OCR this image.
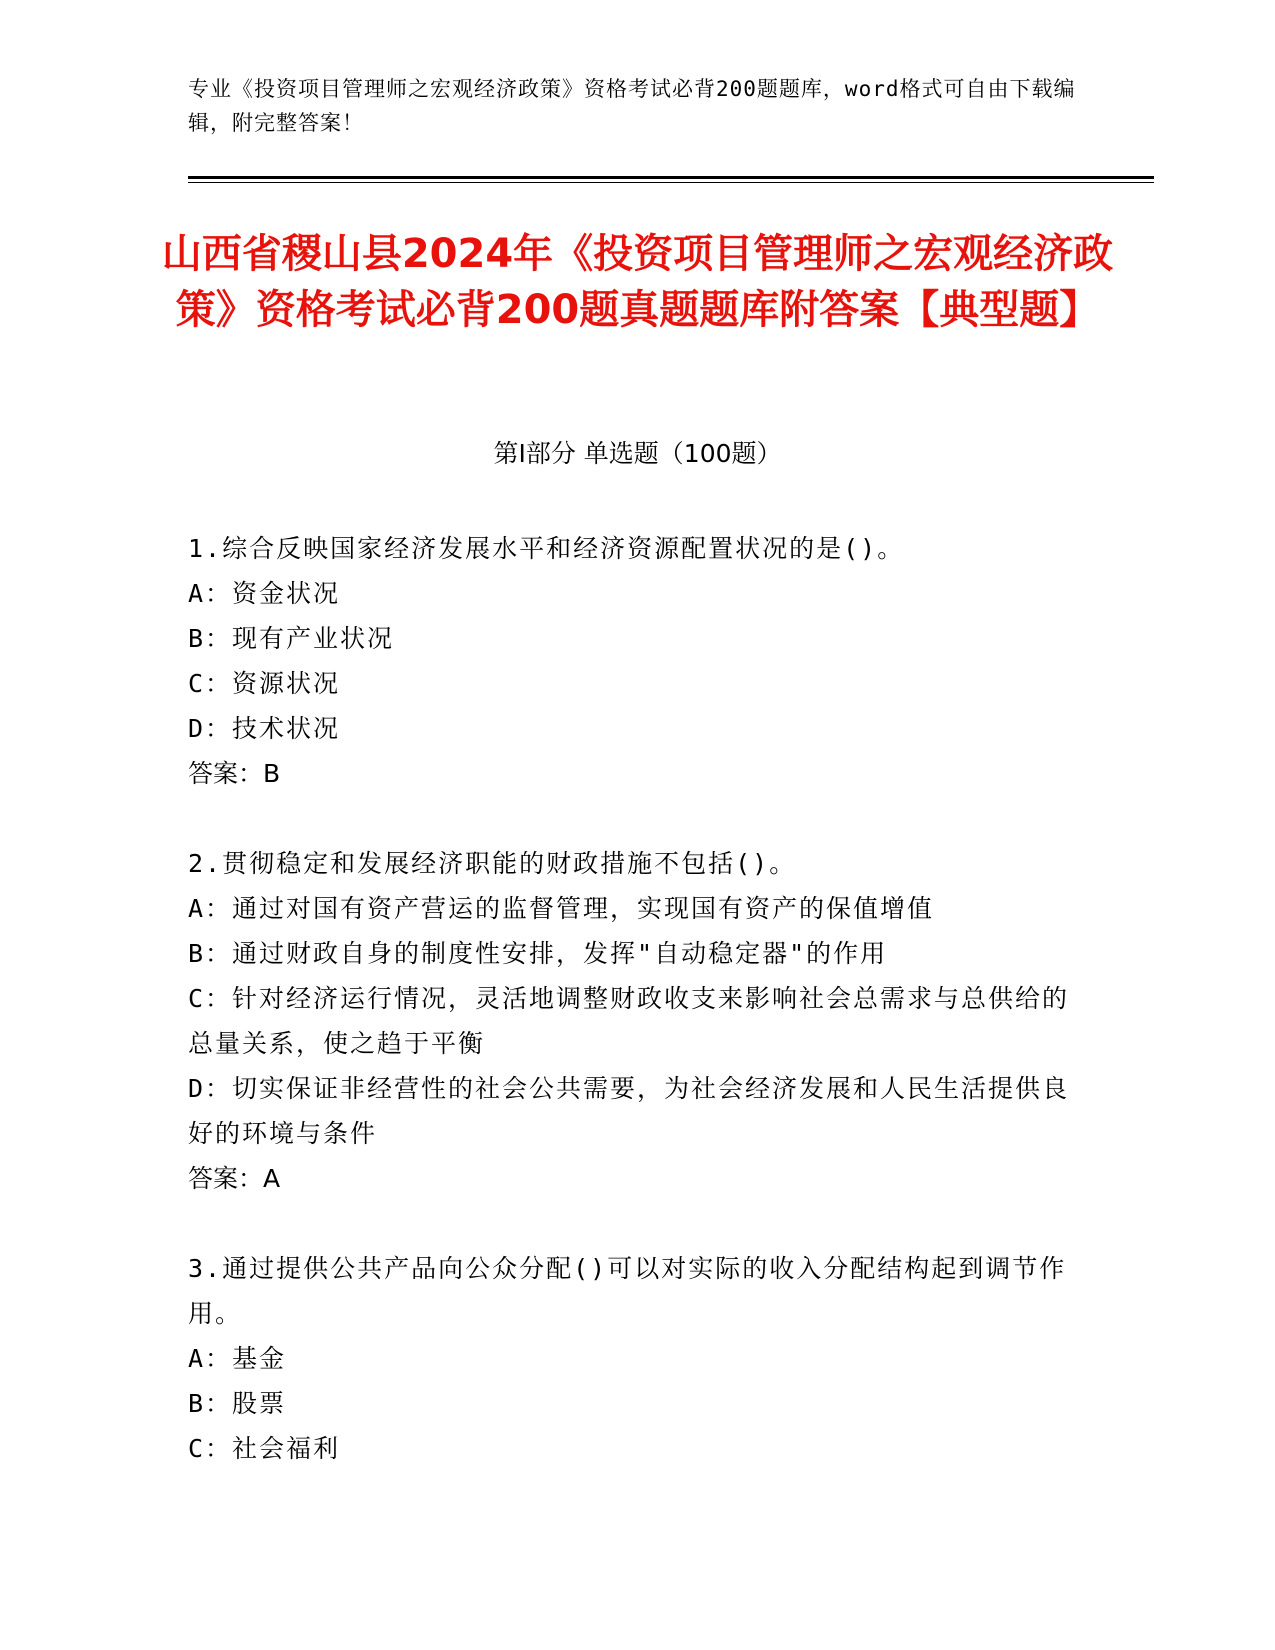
专业《投资项目管理师之宏观经济政策》资格考试必背200题题库，word格式可自由下载编辑，附完整答案！
山西省稷山县2024年《投资项目管理师之宏观经济政策》资格考试必背200题真题题库附答案【典型题】
第Ⅰ部分 单选题（100题）
1.综合反映国家经济发展水平和经济资源配置状况的是()。
A：资金状况
B：现有产业状况
C：资源状况
D：技术状况
答案：B
2.贯彻稳定和发展经济职能的财政措施不包括()。
A：通过对国有资产营运的监督管理，实现国有资产的保值增值
B：通过财政自身的制度性安排，发挥"自动稳定器"的作用
C：针对经济运行情况，灵活地调整财政收支来影响社会总需求与总供给的总量关系，使之趋于平衡
D：切实保证非经营性的社会公共需要，为社会经济发展和人民生活提供良好的环境与条件
答案：A
3.通过提供公共产品向公众分配()可以对实际的收入分配结构起到调节作用。
A：基金
B：股票
C：社会福利
